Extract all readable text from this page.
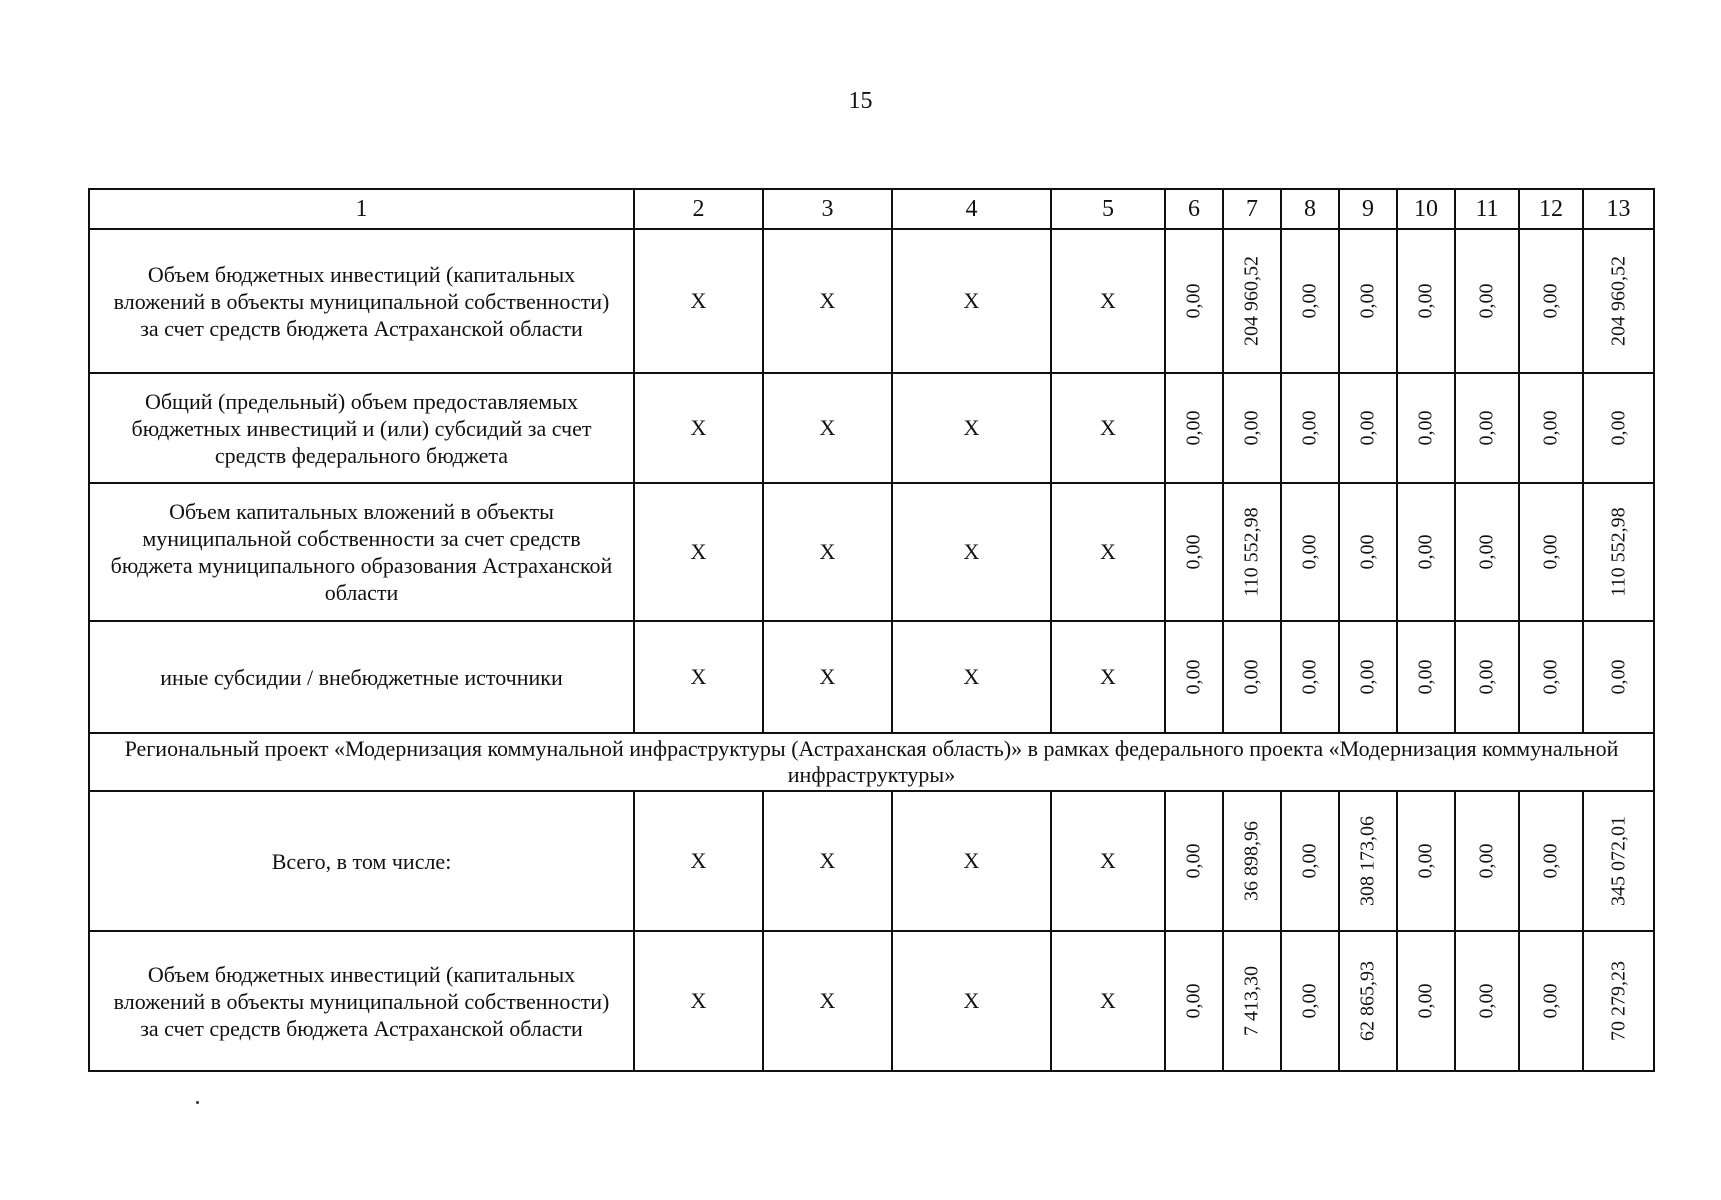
15
1	2	3	4	5	6	7	8	9	10	11	12	13
Объем бюджетных инвестиций (капитальных вложений в объекты муниципальной собственности) за счет средств бюджета Астраханской области	X	X	X	X	0,00	204 960,52	0,00	0,00	0,00	0,00	0,00	204 960,52

Общий (предельный) объем предоставляемых бюджетных инвестиций и (или) субсидий за счет средств федерального бюджета	X	X	X	X	0,00	0,00	0,00	0,00	0,00	0,00	0,00	0,00

Объем капитальных вложений в объекты муниципальной собственности за счет средств бюджета муниципального образования Астраханской области	X	X	X	X	0,00	110 552,98	0,00	0,00	0,00	0,00	0,00	110 552,98

иные субсидии / внебюджетные источники	X	X	X	X	0,00	0,00	0,00	0,00	0,00	0,00	0,00	0,00

Региональный проект «Модернизация коммунальной инфраструктуры (Астраханская область)» в рамках федерального проекта «Модернизация коммунальной инфраструктуры»												
Всего, в том числе:	X	X	X	X	0,00	36 898,96	0,00	308 173,06	0,00	0,00	0,00	345 072,01

Объем бюджетных инвестиций (капитальных вложений в объекты муниципальной собственности) за счет средств бюджета Астраханской области	X	X	X	X	0,00	7 413,30	0,00	62 865,93	0,00	0,00	0,00	70 279,23
